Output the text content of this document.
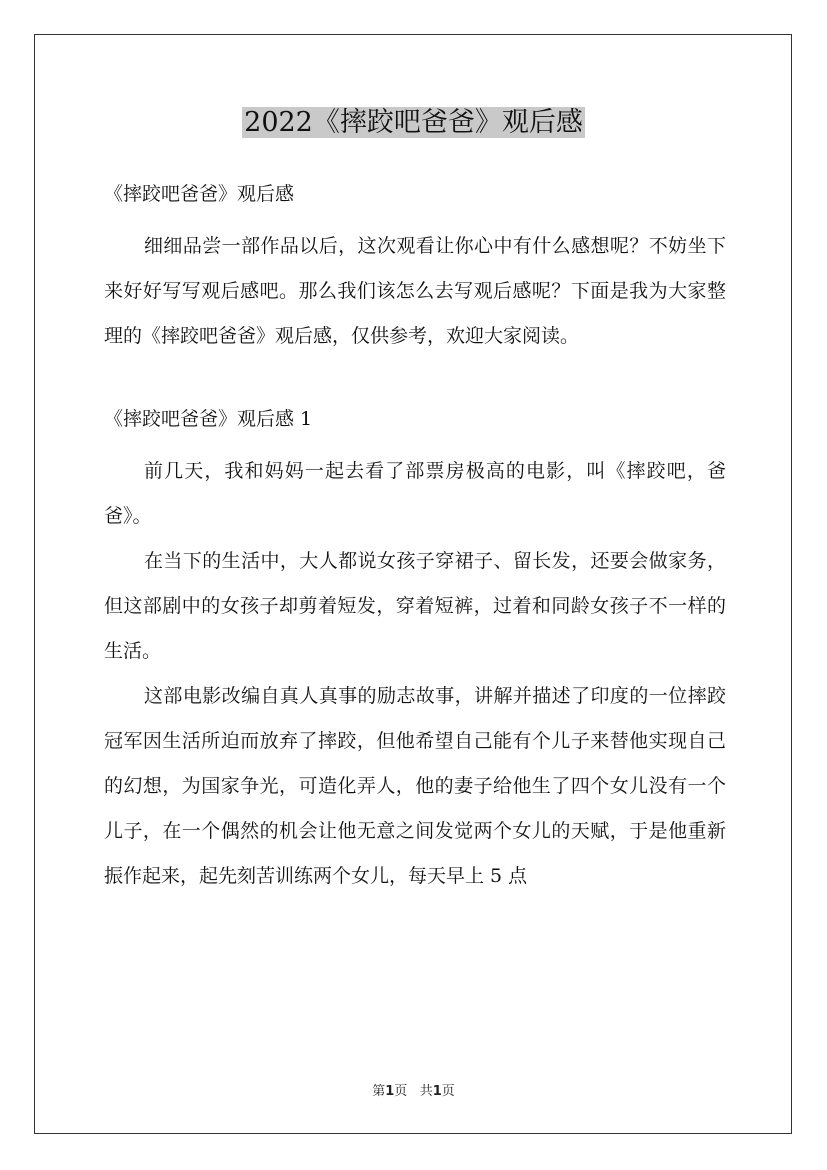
2022《摔跤吧爸爸》观后感

《摔跤吧爸爸》观后感

细细品尝一部作品以后，这次观看让你心中有什么感想呢？不妨坐下来好好写写观后感吧。那么我们该怎么去写观后感呢？下面是我为大家整理的《摔跤吧爸爸》观后感，仅供参考，欢迎大家阅读。

《摔跤吧爸爸》观后感 1

前几天，我和妈妈一起去看了部票房极高的电影，叫《摔跤吧，爸爸》。

在当下的生活中，大人都说女孩子穿裙子、留长发，还要会做家务，但这部剧中的女孩子却剪着短发，穿着短裤，过着和同龄女孩子不一样的生活。

这部电影改编自真人真事的励志故事，讲解并描述了印度的一位摔跤冠军因生活所迫而放弃了摔跤，但他希望自己能有个儿子来替他实现自己的幻想，为国家争光，可造化弄人，他的妻子给他生了四个女儿没有一个儿子，在一个偶然的机会让他无意之间发觉两个女儿的天赋，于是他重新振作起来，起先刻苦训练两个女儿，每天早上 5 点

第1页 共1页
